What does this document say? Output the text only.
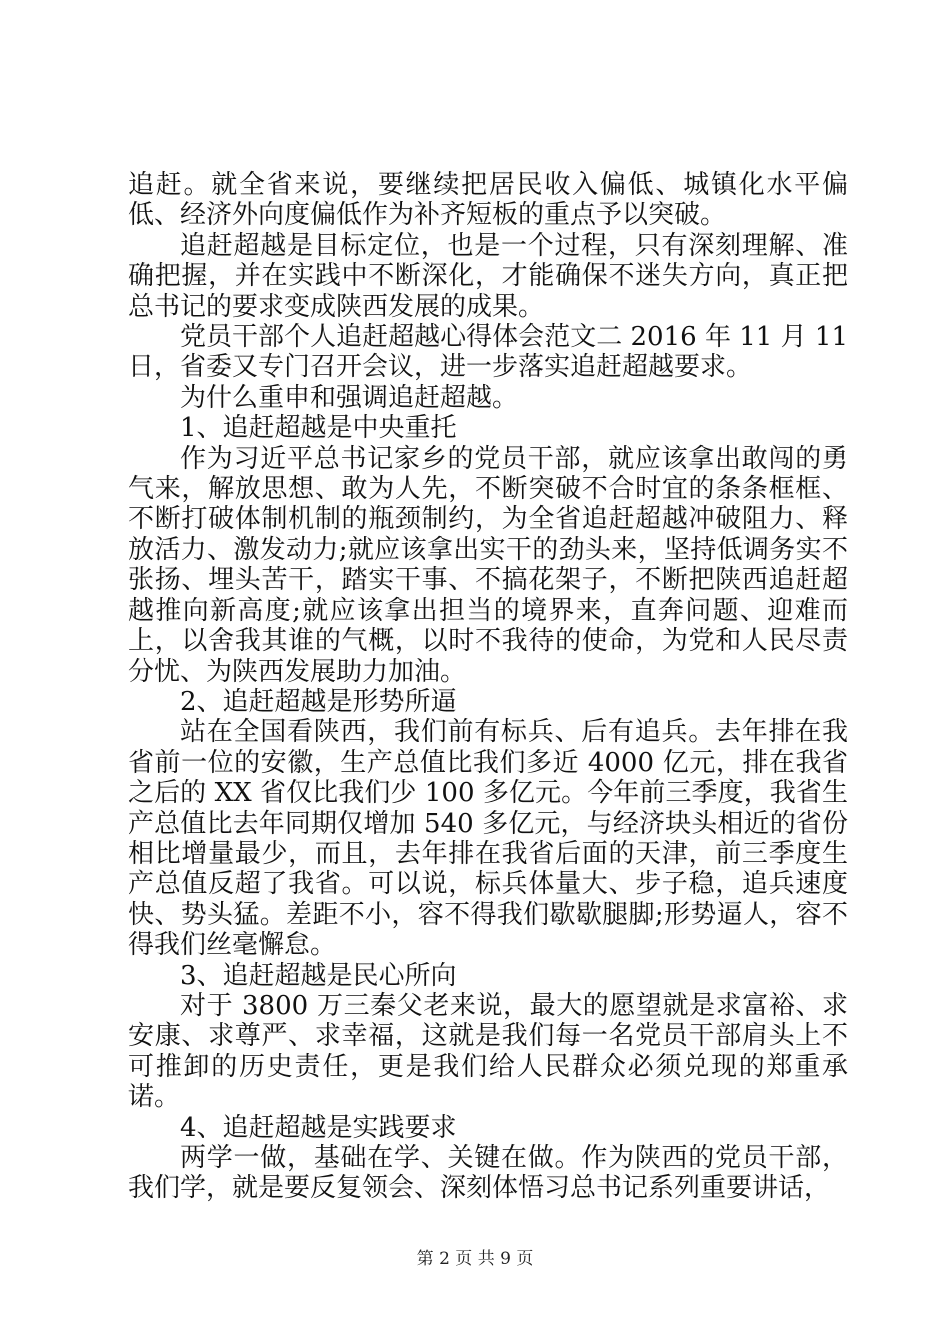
追赶。就全省来说，要继续把居民收入偏低、城镇化水平偏低、经济外向度偏低作为补齐短板的重点予以突破。

追赶超越是目标定位，也是一个过程，只有深刻理解、准确把握，并在实践中不断深化，才能确保不迷失方向，真正把总书记的要求变成陕西发展的成果。

党员干部个人追赶超越心得体会范文二 2016 年 11 月 11 日，省委又专门召开会议，进一步落实追赶超越要求。

为什么重申和强调追赶超越。

1、追赶超越是中央重托

作为习近平总书记家乡的党员干部，就应该拿出敢闯的勇气来，解放思想、敢为人先，不断突破不合时宜的条条框框、不断打破体制机制的瓶颈制约，为全省追赶超越冲破阻力、释放活力、激发动力;就应该拿出实干的劲头来，坚持低调务实不张扬、埋头苦干，踏实干事、不搞花架子，不断把陕西追赶超越推向新高度;就应该拿出担当的境界来，直奔问题、迎难而上，以舍我其谁的气概，以时不我待的使命，为党和人民尽责分忧、为陕西发展助力加油。

2、追赶超越是形势所逼

站在全国看陕西，我们前有标兵、后有追兵。去年排在我省前一位的安徽，生产总值比我们多近 4000 亿元，排在我省之后的 XX 省仅比我们少 100 多亿元。今年前三季度，我省生产总值比去年同期仅增加 540 多亿元，与经济块头相近的省份相比增量最少，而且，去年排在我省后面的天津，前三季度生产总值反超了我省。可以说，标兵体量大、步子稳，追兵速度快、势头猛。差距不小，容不得我们歇歇腿脚;形势逼人，容不得我们丝毫懈怠。

3、追赶超越是民心所向

对于 3800 万三秦父老来说，最大的愿望就是求富裕、求安康、求尊严、求幸福，这就是我们每一名党员干部肩头上不可推卸的历史责任，更是我们给人民群众必须兑现的郑重承诺。

4、追赶超越是实践要求

两学一做，基础在学、关键在做。作为陕西的党员干部，我们学，就是要反复领会、深刻体悟习总书记系列重要讲话，

第 2 页 共 9 页
